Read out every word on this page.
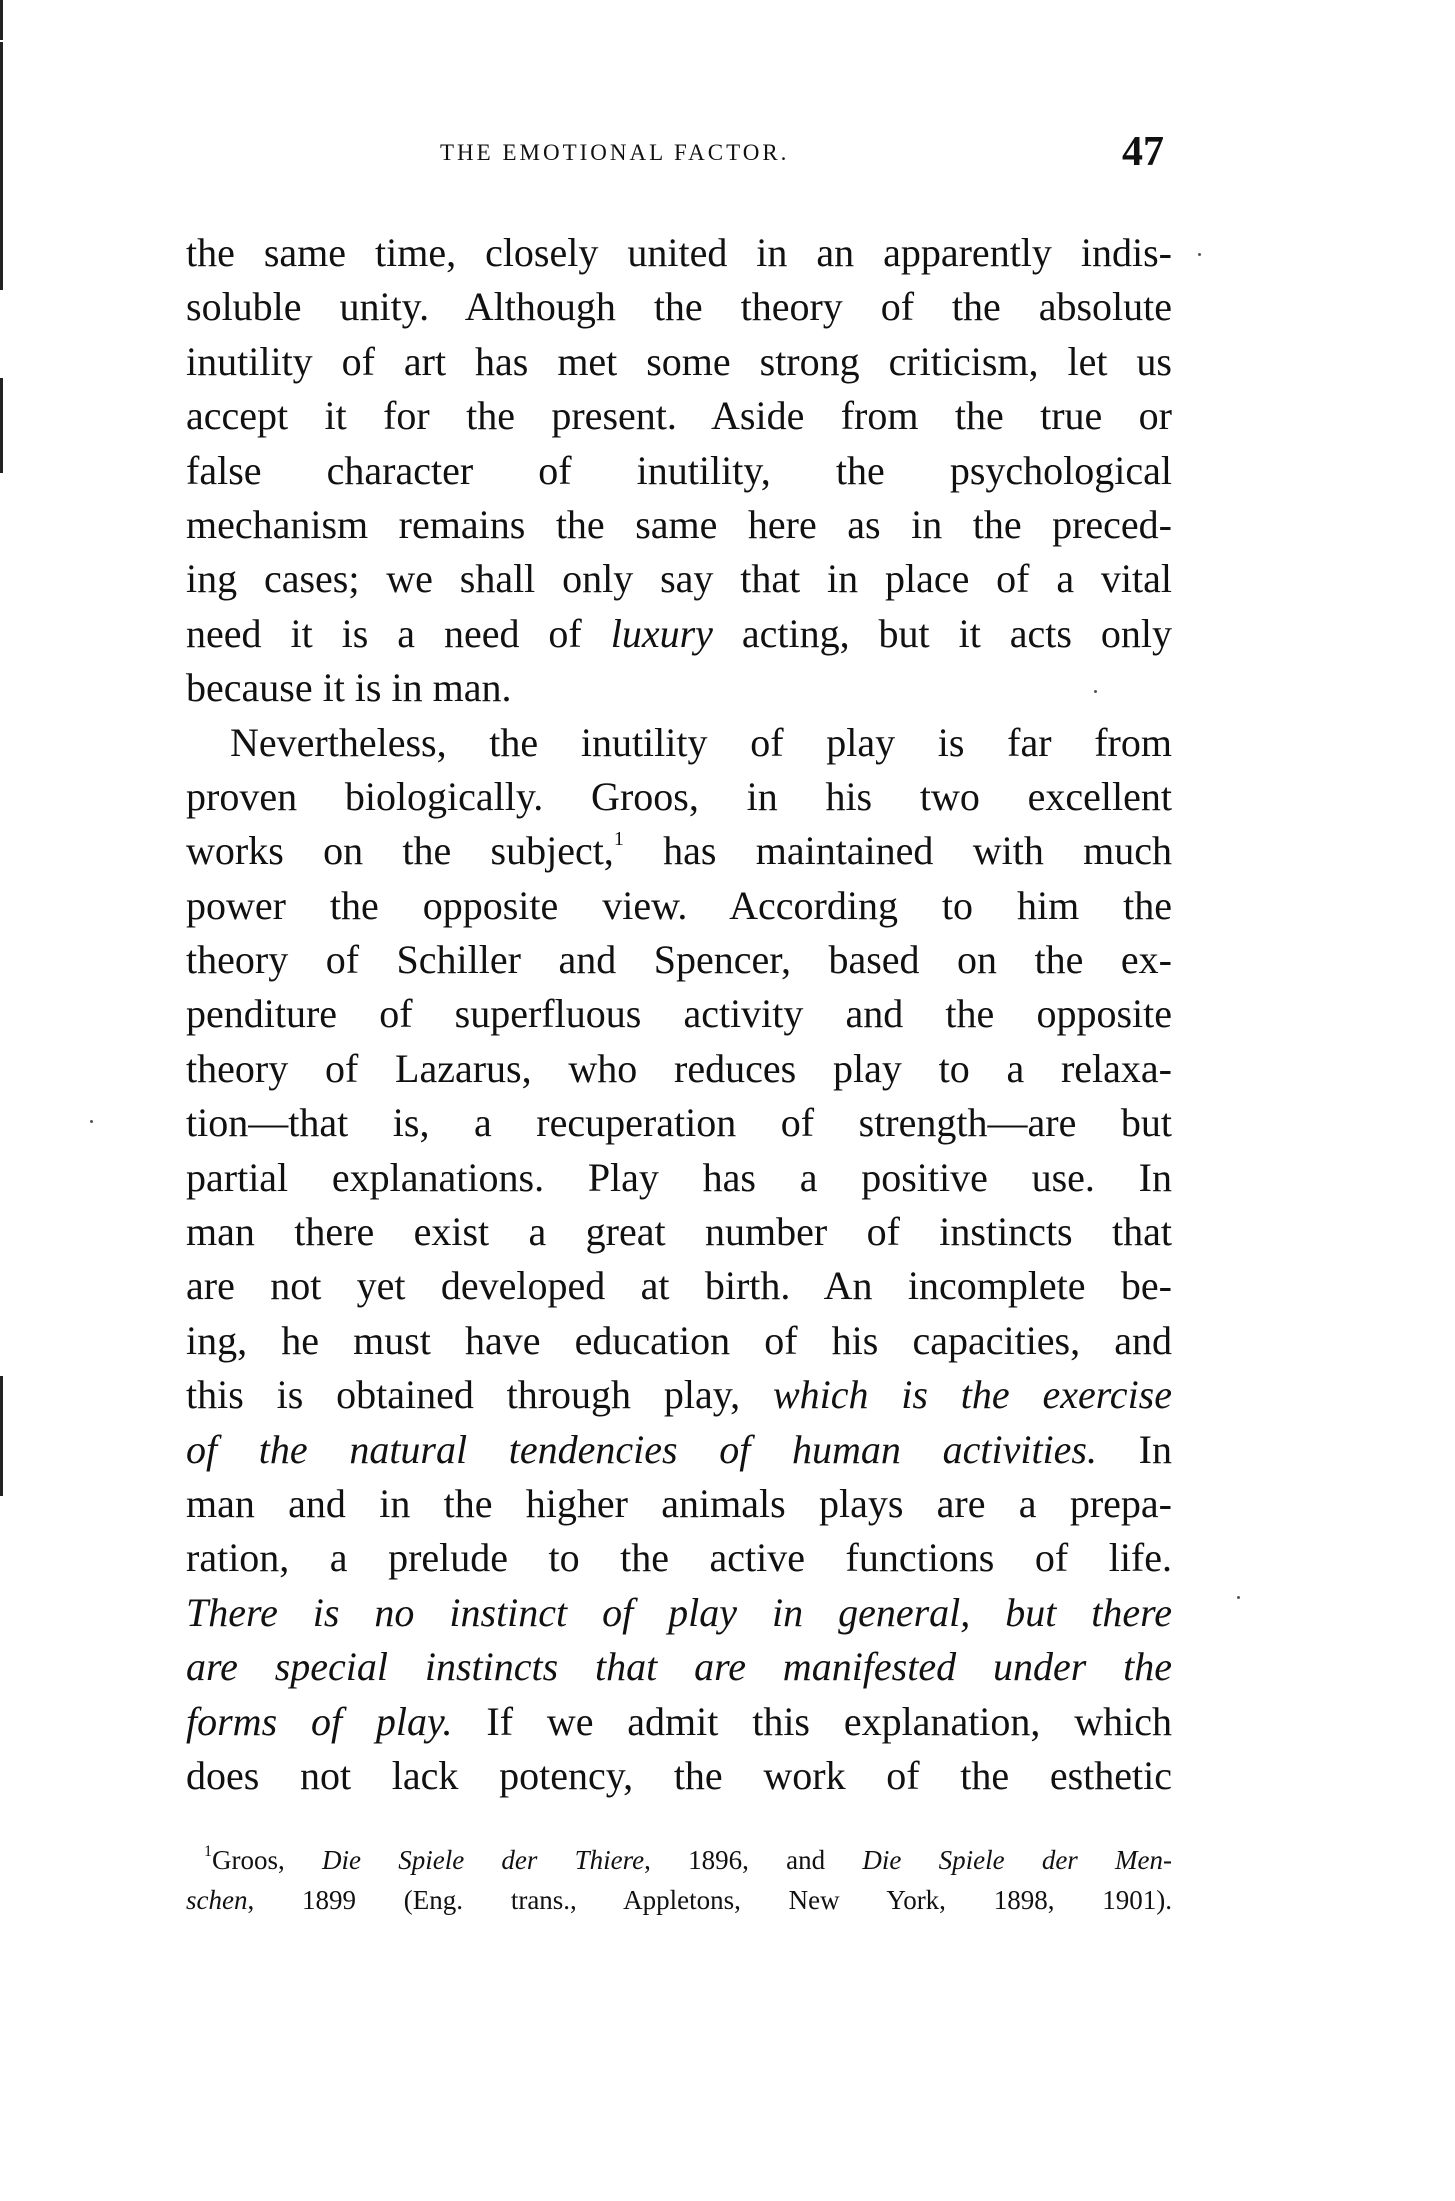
THE EMOTIONAL FACTOR.	47
the same time, closely united in an apparently indis-
soluble unity. Although the theory of the absolute
inutility of art has met some strong criticism, let us
accept it for the present. Aside from the true or
false character of inutility, the psychological
mechanism remains the same here as in the preced-
ing cases; we shall only say that in place of a vital
need it is a need of luxury acting, but it acts only
because it is in man.
Nevertheless, the inutility of play is far from
proven biologically. Groos, in his two excellent
works on the subject,$^1$ has maintained with much
power the opposite view. According to him the
theory of Schiller and Spencer, based on the ex-
penditure of superfluous activity and the opposite
theory of Lazarus, who reduces play to a relaxa-
tion—that is, a recuperation of strength—are but
partial explanations. Play has a positive use. In
man there exist a great number of instincts that
are not yet developed at birth. An incomplete be-
ing, he must have education of his capacities, and
this is obtained through play, which is the exercise
of the natural tendencies of human activities. In
man and in the higher animals plays are a prepa-
ration, a prelude to the active functions of life.
There is no instinct of play in general, but there
are special instincts that are manifested under the
forms of play. If we admit this explanation, which
does not lack potency, the work of the esthetic
$^1$Groos, Die Spiele der Thiere, 1896, and Die Spiele der Men-
schen, 1899 (Eng. trans., Appletons, New York, 1898, 1901).
